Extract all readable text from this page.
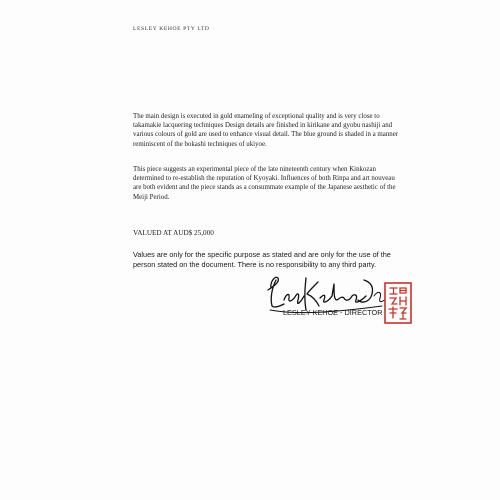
LESLEY KEHOE PTY LTD

The main design is executed in gold enameling of exceptional quality and is very close to takamakie lacquering techniques Design details are finished in kirikane and gyobu nashiji and various colours of gold are used to enhance visual detail. The blue ground is shaded in a manner reminiscent of the bokashi techniques of ukiyoe.

This piece suggests an experimental piece of the late nineteenth century when Kinkozan determined to re-establish the reputation of Kyoyaki. Influences of both Rinpa and art nouveau are both evident and the piece stands as a consummate example of the Japanese aesthetic of the Meiji Period.

VALUED AT AUD$ 25,000

Values are only for the specific purpose as stated and are only for the use of the person stated on the document. There is no responsibility to any third party.

LESLEY KEHOE - DIRECTOR
